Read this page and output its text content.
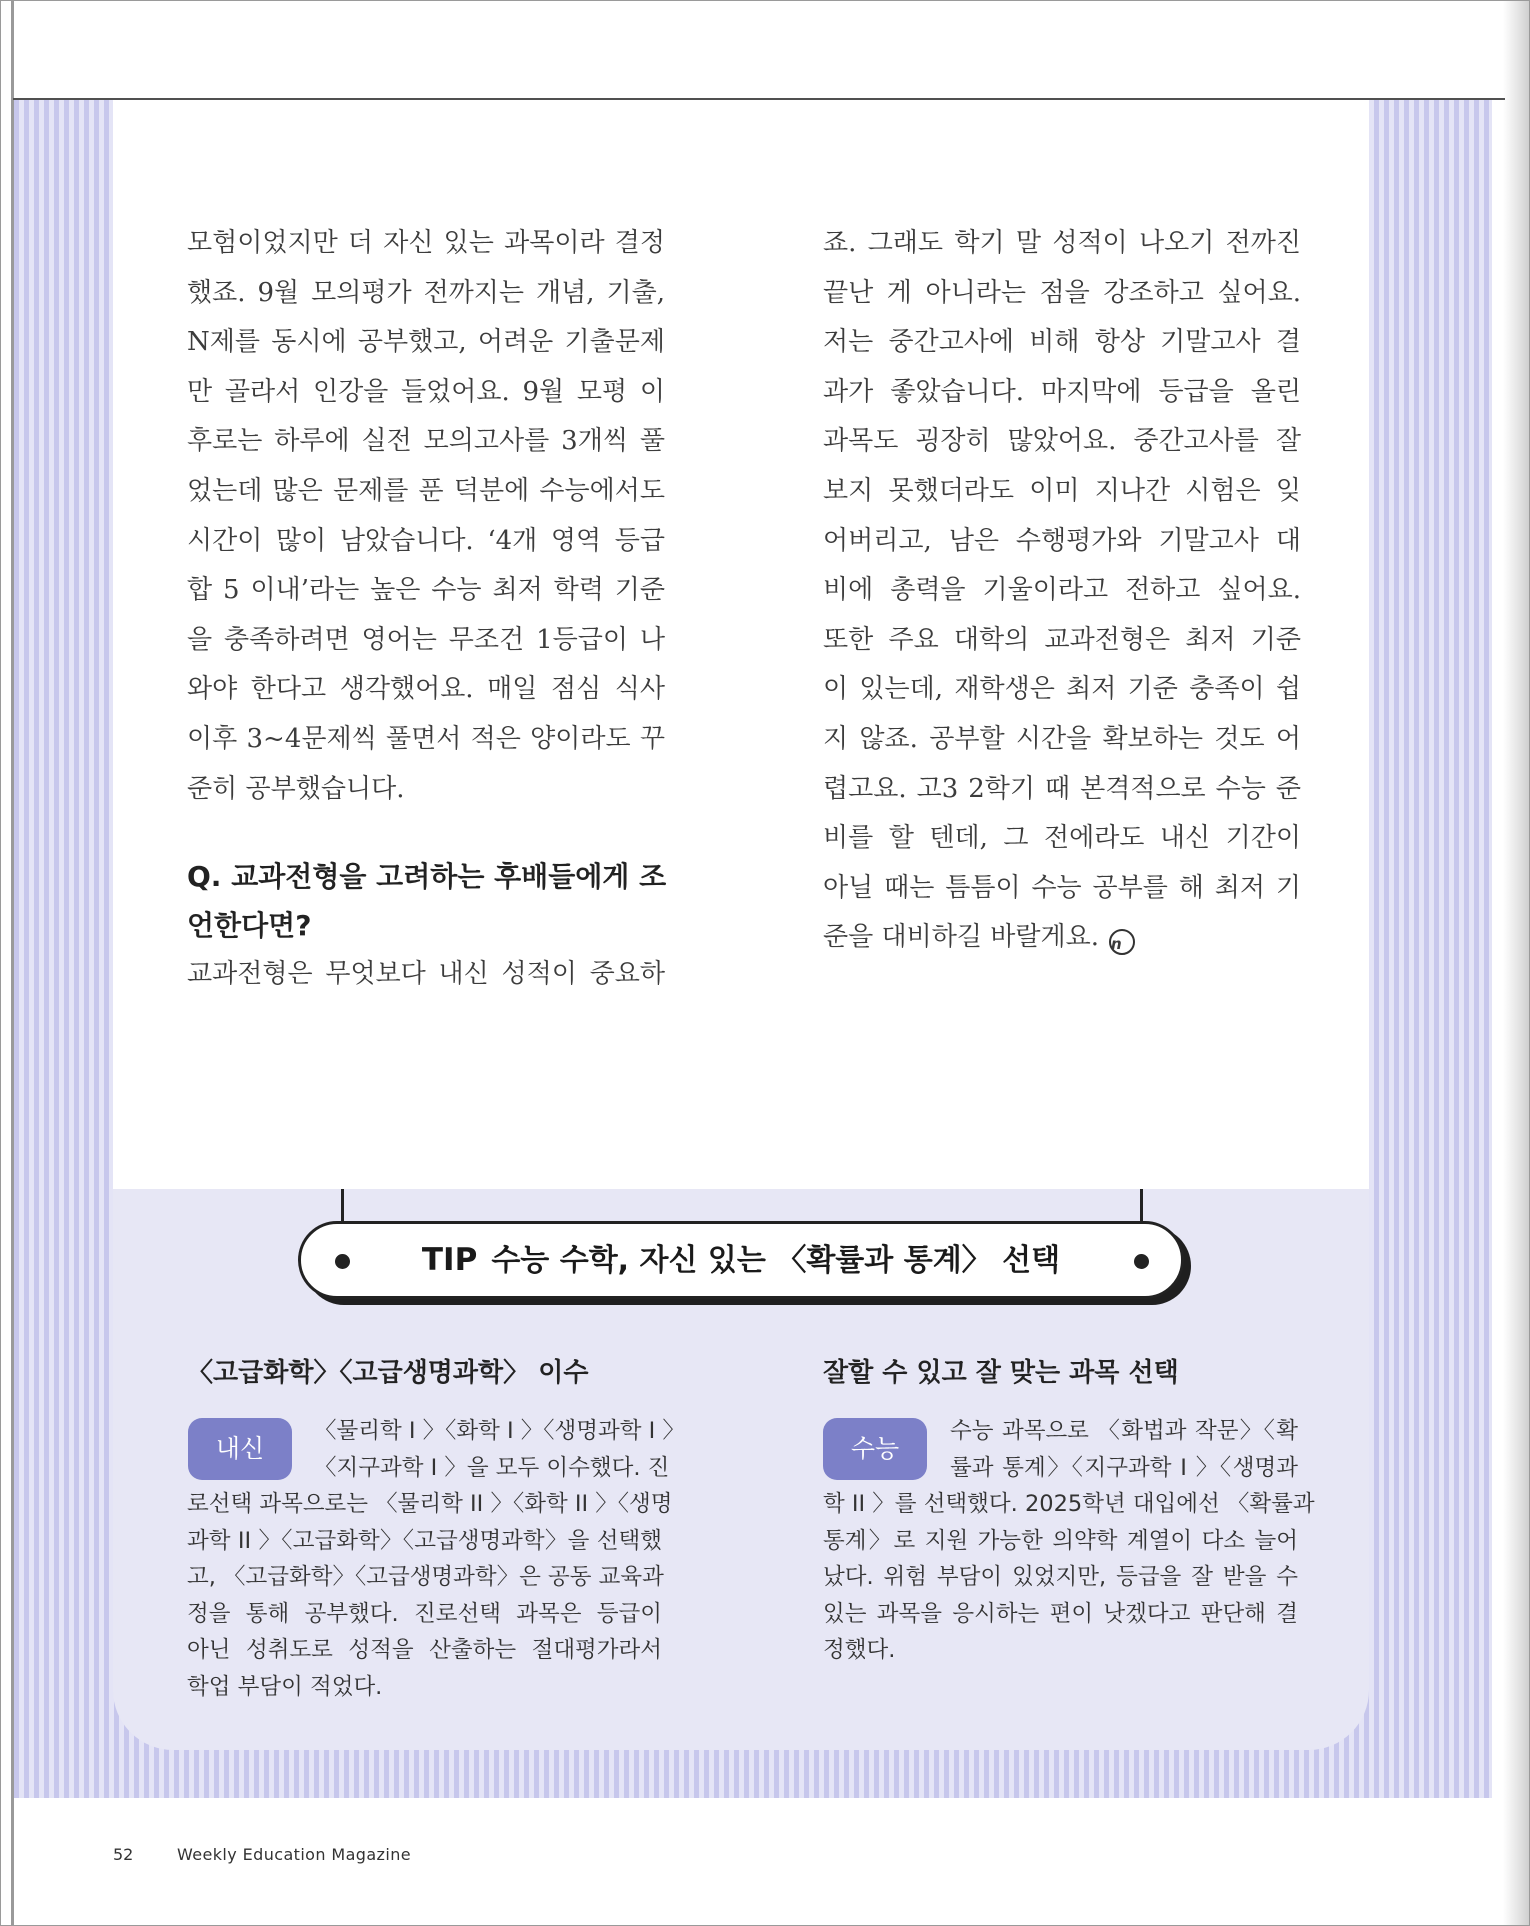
모험이었지만 더 자신 있는 과목이라 결정
했죠. 9월 모의평가 전까지는 개념, 기출,
N제를 동시에 공부했고, 어려운 기출문제
만 골라서 인강을 들었어요. 9월 모평 이
후로는 하루에 실전 모의고사를 3개씩 풀
었는데 많은 문제를 푼 덕분에 수능에서도
시간이 많이 남았습니다. ‘4개 영역 등급
합 5 이내’라는 높은 수능 최저 학력 기준
을 충족하려면 영어는 무조건 1등급이 나
와야 한다고 생각했어요. 매일 점심 식사
이후 3~4문제씩 풀면서 적은 양이라도 꾸
준히 공부했습니다.
Q. 교과전형을 고려하는 후배들에게 조
언한다면?
교과전형은 무엇보다 내신 성적이 중요하
죠. 그래도 학기 말 성적이 나오기 전까진
끝난 게 아니라는 점을 강조하고 싶어요.
저는 중간고사에 비해 항상 기말고사 결
과가 좋았습니다. 마지막에 등급을 올린
과목도 굉장히 많았어요. 중간고사를 잘
보지 못했더라도 이미 지나간 시험은 잊
어버리고, 남은 수행평가와 기말고사 대
비에 총력을 기울이라고 전하고 싶어요.
또한 주요 대학의 교과전형은 최저 기준
이 있는데, 재학생은 최저 기준 충족이 쉽
지 않죠. 공부할 시간을 확보하는 것도 어
렵고요. 고3 2학기 때 본격적으로 수능 준
비를 할 텐데, 그 전에라도 내신 기간이
아닐 때는 틈틈이 수능 공부를 해 최저 기
준을 대비하길 바랄게요. n
TIP 수능 수학, 자신 있는 〈확률과 통계〉 선택
〈고급화학〉〈고급생명과학〉 이수
내신
〈물리학 I 〉〈화학 I 〉〈생명과학 I 〉
〈지구과학 I 〉을 모두 이수했다. 진
로선택 과목으로는 〈물리학 II 〉〈화학 II 〉〈생명
과학 II 〉〈고급화학〉〈고급생명과학〉을 선택했
고, 〈고급화학〉〈고급생명과학〉은 공동 교육과
정을 통해 공부했다. 진로선택 과목은 등급이
아닌 성취도로 성적을 산출하는 절대평가라서
학업 부담이 적었다.
잘할 수 있고 잘 맞는 과목 선택
수능
수능 과목으로 〈화법과 작문〉〈확
률과 통계〉〈지구과학 I 〉〈생명과
학 II 〉를 선택했다. 2025학년 대입에선 〈확률과
통계〉로 지원 가능한 의약학 계열이 다소 늘어
났다. 위험 부담이 있었지만, 등급을 잘 받을 수
있는 과목을 응시하는 편이 낫겠다고 판단해 결
정했다.
52	Weekly Education Magazine
